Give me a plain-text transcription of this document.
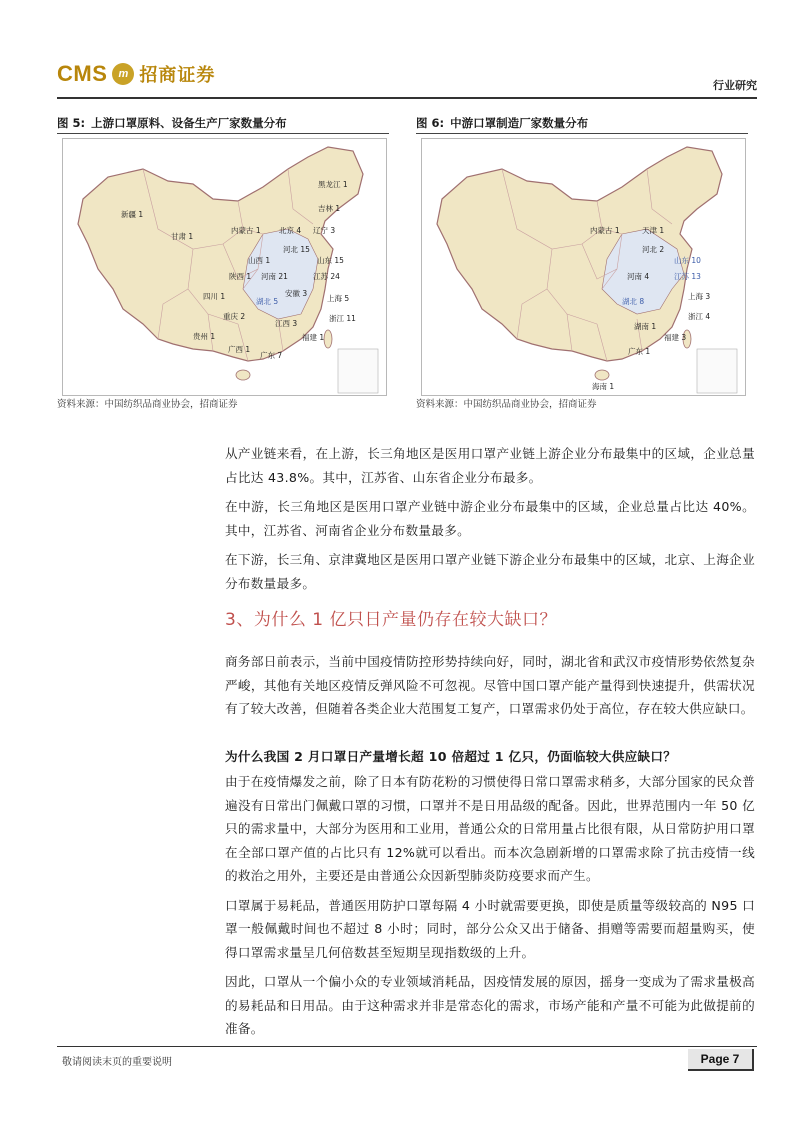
CMS m 招商证券	行业研究
图 5: 上游口罩原料、设备生产厂家数量分布
黑龙江 1
新疆 1
吉林 1
内蒙古 1 北京 4 辽宁 3
甘肃 1
河北 15
山西 1	山东 15
陕西 1 河南 21	江苏 24
安徽 3
上海 5
四川 1
湖北 5
重庆 2	浙江 11
江西 3
贵州 1	福建 1
广西 1
广东 7
资料来源：中国纺织品商业协会，招商证券
图 6: 中游口罩制造厂家数量分布
内蒙古 1	天津 1
河北 2
山东 10
江苏 13
河南 4
湖北 8
上海 3
浙江 4
湖南 1
福建 3
广东 1
海南 1
资料来源：中国纺织品商业协会，招商证券

从产业链来看，在上游，长三角地区是医用口罩产业链上游企业分布最集中的区域，企业总量占比达 43.8%。其中，江苏省、山东省企业分布最多。

在中游，长三角地区是医用口罩产业链中游企业分布最集中的区域，企业总量占比达 40%。其中，江苏省、河南省企业分布数量最多。

在下游，长三角、京津冀地区是医用口罩产业链下游企业分布最集中的区域，北京、上海企业分布数量最多。

3、为什么 1 亿只日产量仍存在较大缺口？

商务部日前表示，当前中国疫情防控形势持续向好，同时，湖北省和武汉市疫情形势依然复杂严峻，其他有关地区疫情反弹风险不可忽视。尽管中国口罩产能产量得到快速提升，供需状况有了较大改善，但随着各类企业大范围复工复产，口罩需求仍处于高位，存在较大供应缺口。

为什么我国 2 月口罩日产量增长超 10 倍超过 1 亿只，仍面临较大供应缺口？

由于在疫情爆发之前，除了日本有防花粉的习惯使得日常口罩需求稍多，大部分国家的民众普遍没有日常出门佩戴口罩的习惯，口罩并不是日用品级的配备。因此，世界范围内一年 50 亿只的需求量中，大部分为医用和工业用，普通公众的日常用量占比很有限，从日常防护用口罩在全部口罩产值的占比只有 12%就可以看出。而本次急剧新增的口罩需求除了抗击疫情一线的救治之用外，主要还是由普通公众因新型肺炎防疫要求而产生。

口罩属于易耗品，普通医用防护口罩每隔 4 小时就需要更换，即使是质量等级较高的 N95 口罩一般佩戴时间也不超过 8 小时；同时，部分公众又出于储备、捐赠等需要而超量购买，使得口罩需求量呈几何倍数甚至短期呈现指数级的上升。

因此，口罩从一个偏小众的专业领域消耗品，因疫情发展的原因，摇身一变成为了需求量极高的易耗品和日用品。由于这种需求并非是常态化的需求，市场产能和产量不可能为此做提前的准备。

敬请阅读末页的重要说明	Page 7
